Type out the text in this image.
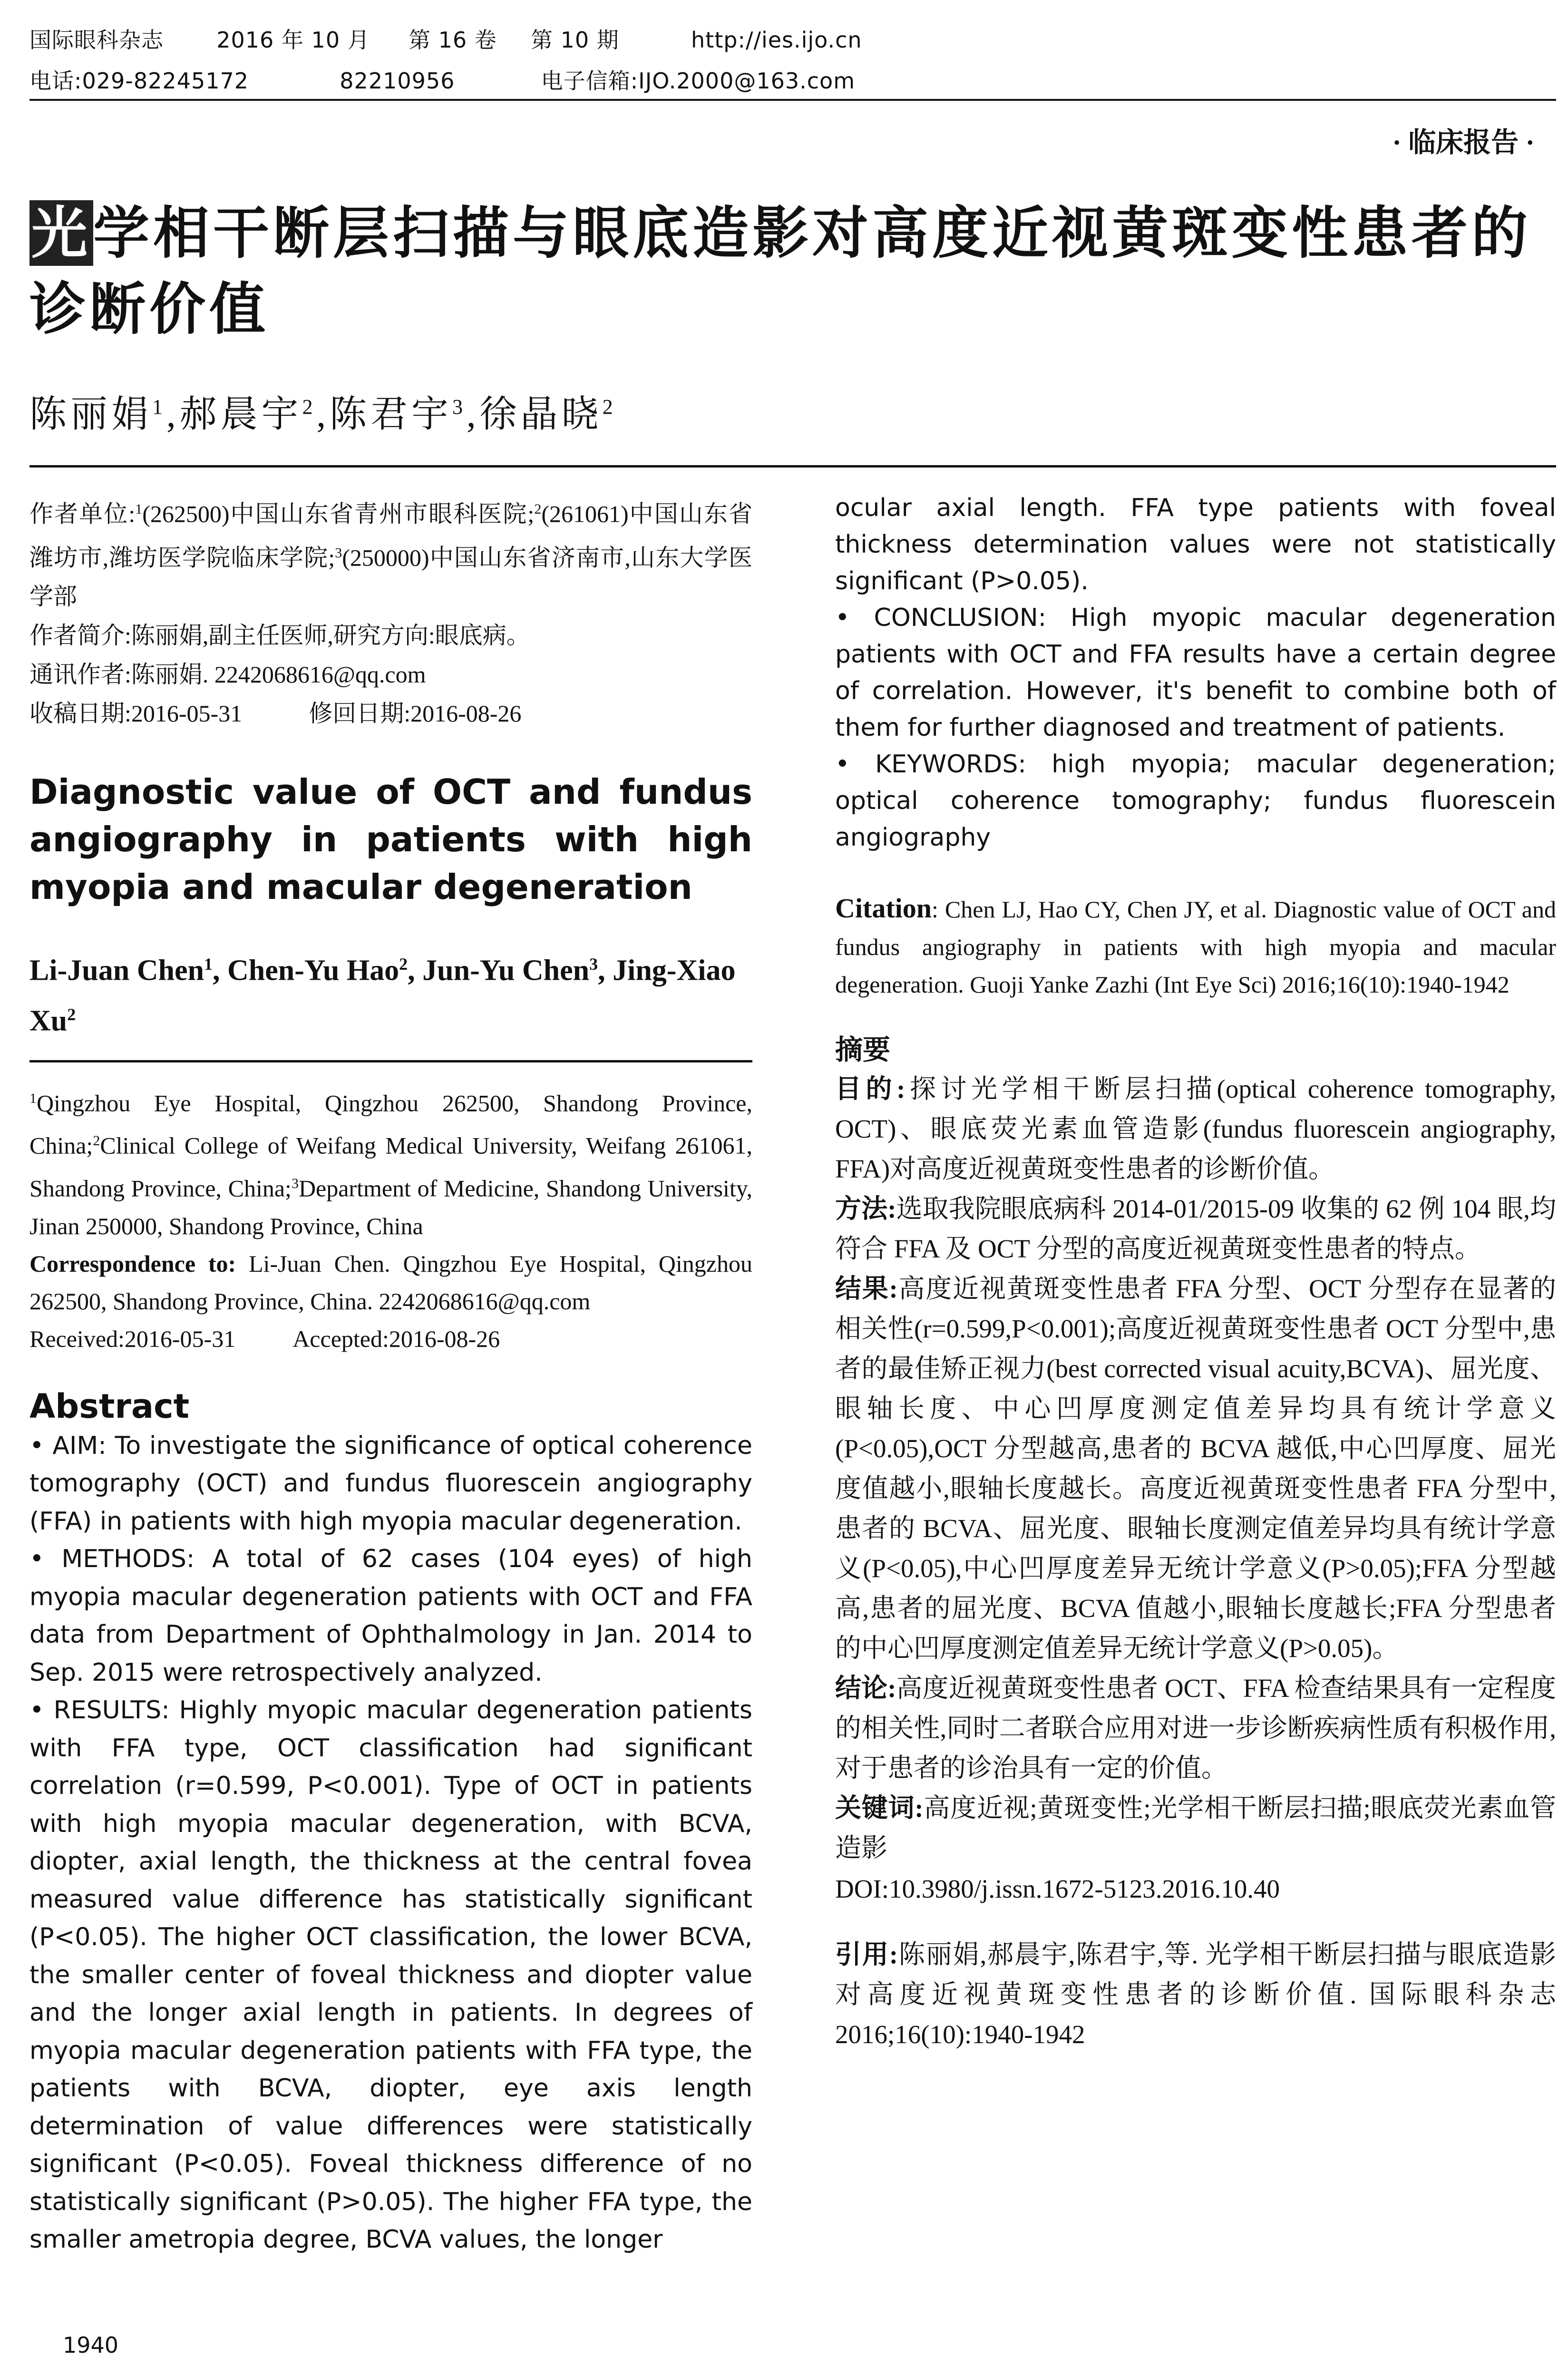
国际眼科杂志 2016 年 10 月 第 16 卷 第 10 期	http://ies.ijo.cn
电话:029-82245172	82210956	电子信箱:IJO.2000@163.com
· 临床报告 ·
光学相干断层扫描与眼底造影对高度近视黄斑变性患者的诊断价值
陈丽娟$^1$,郝晨宇$^2$,陈君宇$^3$,徐晶晓$^2$

作者单位:$^1$(262500)中国山东省青州市眼科医院;$^2$(261061)中国山东省潍坊市,潍坊医学院临床学院;$^3$(250000)中国山东省济南市,山东大学医学部

作者简介:陈丽娟,副主任医师,研究方向:眼底病。

通讯作者:陈丽娟. 2242068616@qq.com

收稿日期:2016-05-31	修回日期:2016-08-26

Diagnostic value of OCT and fundus angiography in patients with high myopia and macular degeneration
Li-Juan Chen$^1$, Chen-Yu Hao$^2$, Jun-Yu Chen$^3$, Jing-Xiao Xu$^2$

$^1$Qingzhou Eye Hospital, Qingzhou 262500, Shandong Province, China;$^2$Clinical College of Weifang Medical University, Weifang 261061, Shandong Province, China;$^3$Department of Medicine, Shandong University, Jinan 250000, Shandong Province, China

Correspondence to: Li-Juan Chen. Qingzhou Eye Hospital, Qingzhou 262500, Shandong Province, China. 2242068616@qq.com

Received:2016-05-31 Accepted:2016-08-26

Abstract

• AIM: To investigate the significance of optical coherence tomography (OCT) and fundus fluorescein angiography (FFA) in patients with high myopia macular degeneration.

• METHODS: A total of 62 cases (104 eyes) of high myopia macular degeneration patients with OCT and FFA data from Department of Ophthalmology in Jan. 2014 to Sep. 2015 were retrospectively analyzed.

• RESULTS: Highly myopic macular degeneration patients with FFA type, OCT classification had significant correlation (r=0.599, P<0.001). Type of OCT in patients with high myopia macular degeneration, with BCVA, diopter, axial length, the thickness at the central fovea measured value difference has statistically significant (P<0.05). The higher OCT classification, the lower BCVA, the smaller center of foveal thickness and diopter value and the longer axial length in patients. In degrees of myopia macular degeneration patients with FFA type, the patients with BCVA, diopter, eye axis length determination of value differences were statistically significant (P<0.05). Foveal thickness difference of no statistically significant (P>0.05). The higher FFA type, the smaller ametropia degree, BCVA values, the longer

ocular axial length. FFA type patients with foveal thickness determination values were not statistically significant (P>0.05).

• CONCLUSION: High myopic macular degeneration patients with OCT and FFA results have a certain degree of correlation. However, it's benefit to combine both of them for further diagnosed and treatment of patients.

• KEYWORDS: high myopia; macular degeneration; optical coherence tomography; fundus fluorescein angiography

Citation: Chen LJ, Hao CY, Chen JY, et al. Diagnostic value of OCT and fundus angiography in patients with high myopia and macular degeneration. Guoji Yanke Zazhi (Int Eye Sci) 2016;16(10):1940-1942
摘要

目的:探讨光学相干断层扫描(optical coherence tomography, OCT)、眼底荧光素血管造影(fundus fluorescein angiography, FFA)对高度近视黄斑变性患者的诊断价值。

方法:选取我院眼底病科 2014-01/2015-09 收集的 62 例 104 眼,均符合 FFA 及 OCT 分型的高度近视黄斑变性患者的特点。

结果:高度近视黄斑变性患者 FFA 分型、OCT 分型存在显著的相关性(r=0.599,P<0.001);高度近视黄斑变性患者 OCT 分型中,患者的最佳矫正视力(best corrected visual acuity,BCVA)、屈光度、眼轴长度、中心凹厚度测定值差异均具有统计学意义(P<0.05),OCT 分型越高,患者的 BCVA 越低,中心凹厚度、屈光度值越小,眼轴长度越长。高度近视黄斑变性患者 FFA 分型中,患者的 BCVA、屈光度、眼轴长度测定值差异均具有统计学意义(P<0.05),中心凹厚度差异无统计学意义(P>0.05);FFA 分型越高,患者的屈光度、BCVA 值越小,眼轴长度越长;FFA 分型患者的中心凹厚度测定值差异无统计学意义(P>0.05)。

结论:高度近视黄斑变性患者 OCT、FFA 检查结果具有一定程度的相关性,同时二者联合应用对进一步诊断疾病性质有积极作用,对于患者的诊治具有一定的价值。

关键词:高度近视;黄斑变性;光学相干断层扫描;眼底荧光素血管造影

DOI:10.3980/j.issn.1672-5123.2016.10.40
引用:陈丽娟,郝晨宇,陈君宇,等. 光学相干断层扫描与眼底造影对高度近视黄斑变性患者的诊断价值. 国际眼科杂志 2016;16(10):1940-1942
1940
